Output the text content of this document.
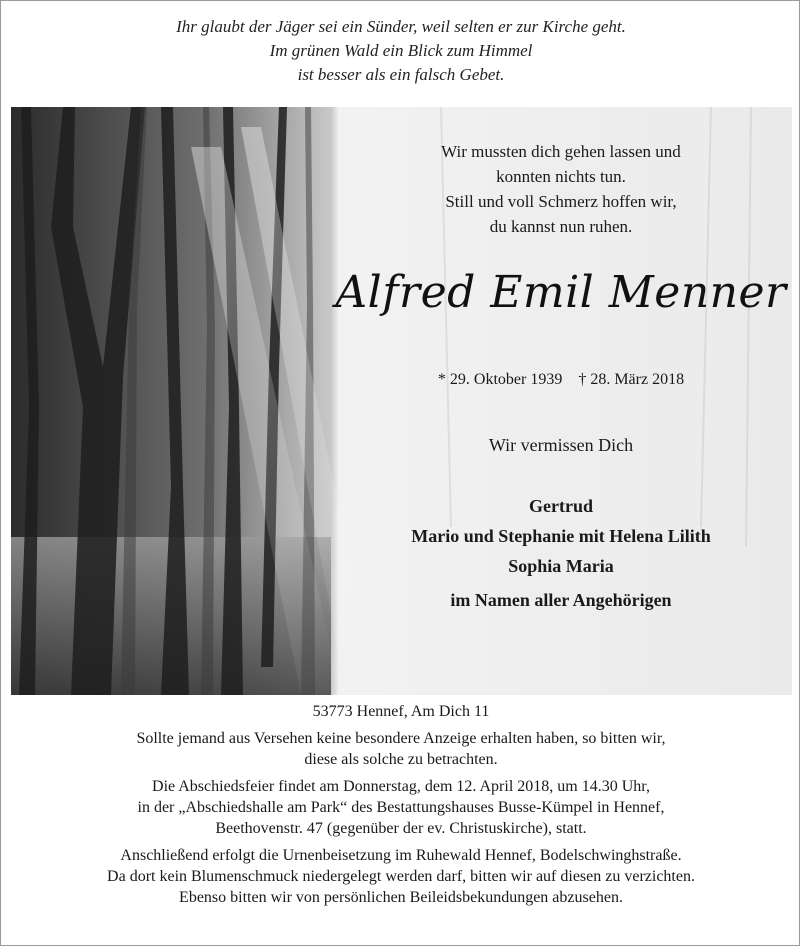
Ihr glaubt der Jäger sei ein Sünder, weil selten er zur Kirche geht.
Im grünen Wald ein Blick zum Himmel
ist besser als ein falsch Gebet.
Wir mussten dich gehen lassen und
konnten nichts tun.
Still und voll Schmerz hoffen wir,
du kannst nun ruhen.
Alfred Emil Menner
* 29. Oktober 1939 † 28. März 2018
Wir vermissen Dich
Gertrud
Mario und Stephanie mit Helena Lilith
Sophia Maria
im Namen aller Angehörigen
53773 Hennef, Am Dich 11

Sollte jemand aus Versehen keine besondere Anzeige erhalten haben, so bitten wir,
diese als solche zu betrachten.

Die Abschiedsfeier findet am Donnerstag, dem 12. April 2018, um 14.30 Uhr,
in der „Abschiedshalle am Park“ des Bestattungshauses Busse-Kümpel in Hennef,
Beethovenstr. 47 (gegenüber der ev. Christuskirche), statt.

Anschließend erfolgt die Urnenbeisetzung im Ruhewald Hennef, Bodelschwinghstraße.
Da dort kein Blumenschmuck niedergelegt werden darf, bitten wir auf diesen zu verzichten.
Ebenso bitten wir von persönlichen Beileidsbekundungen abzusehen.
